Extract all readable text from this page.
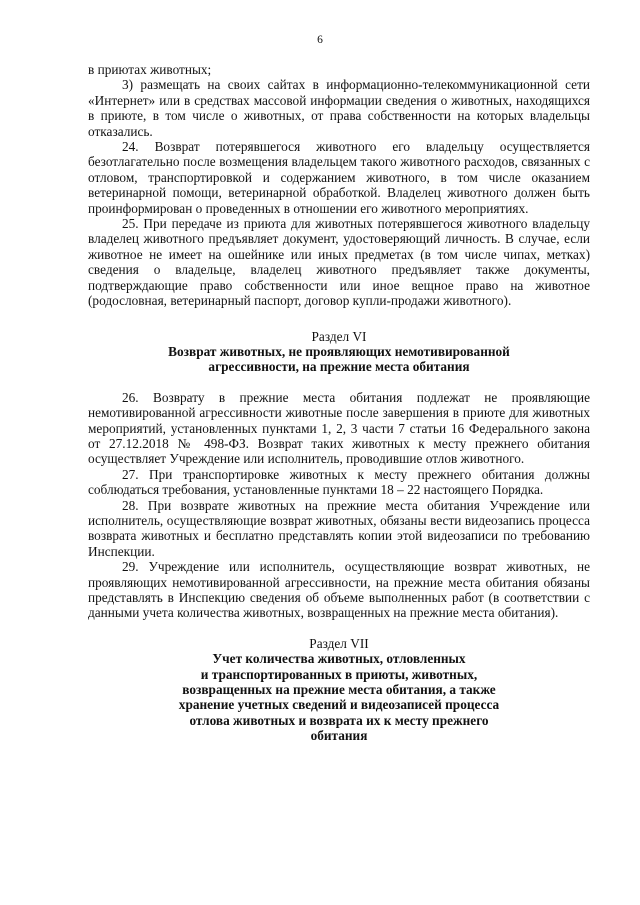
6

в приютах животных;

3) размещать на своих сайтах в информационно-телекоммуникационной сети «Интернет» или в средствах массовой информации сведения о животных, находящихся в приюте, в том числе о животных, от права собственности на которых владельцы отказались.

24. Возврат потерявшегося животного его владельцу осуществляется безотлагательно после возмещения владельцем такого животного расходов, связанных с отловом, транспортировкой и содержанием животного, в том числе оказанием ветеринарной помощи, ветеринарной обработкой. Владелец животного должен быть проинформирован о проведенных в отношении его животного мероприятиях.

25. При передаче из приюта для животных потерявшегося животного владельцу владелец животного предъявляет документ, удостоверяющий личность. В случае, если животное не имеет на ошейнике или иных предметах (в том числе чипах, метках) сведения о владельце, владелец животного предъявляет также документы, подтверждающие право собственности или иное вещное право на животное (родословная, ветеринарный паспорт, договор купли-продажи животного).

Раздел VI
Возврат животных, не проявляющих немотивированной
агрессивности, на прежние места обитания

26. Возврату в прежние места обитания подлежат не проявляющие немотивированной агрессивности животные после завершения в приюте для животных мероприятий, установленных пунктами 1, 2, 3 части 7 статьи 16 Федерального закона от 27.12.2018 № 498-ФЗ. Возврат таких животных к месту прежнего обитания осуществляет Учреждение или исполнитель, проводившие отлов животного.

27. При транспортировке животных к месту прежнего обитания должны соблюдаться требования, установленные пунктами 18 – 22 настоящего Порядка.

28. При возврате животных на прежние места обитания Учреждение или исполнитель, осуществляющие возврат животных, обязаны вести видеозапись процесса возврата животных и бесплатно представлять копии этой видеозаписи по требованию Инспекции.

29. Учреждение или исполнитель, осуществляющие возврат животных, не проявляющих немотивированной агрессивности, на прежние места обитания обязаны представлять в Инспекцию сведения об объеме выполненных работ (в соответствии с данными учета количества животных, возвращенных на прежние места обитания).

Раздел VII
Учет количества животных, отловленных
и транспортированных в приюты, животных,
возвращенных на прежние места обитания, а также
хранение учетных сведений и видеозаписей процесса
отлова животных и возврата их к месту прежнего
обитания
